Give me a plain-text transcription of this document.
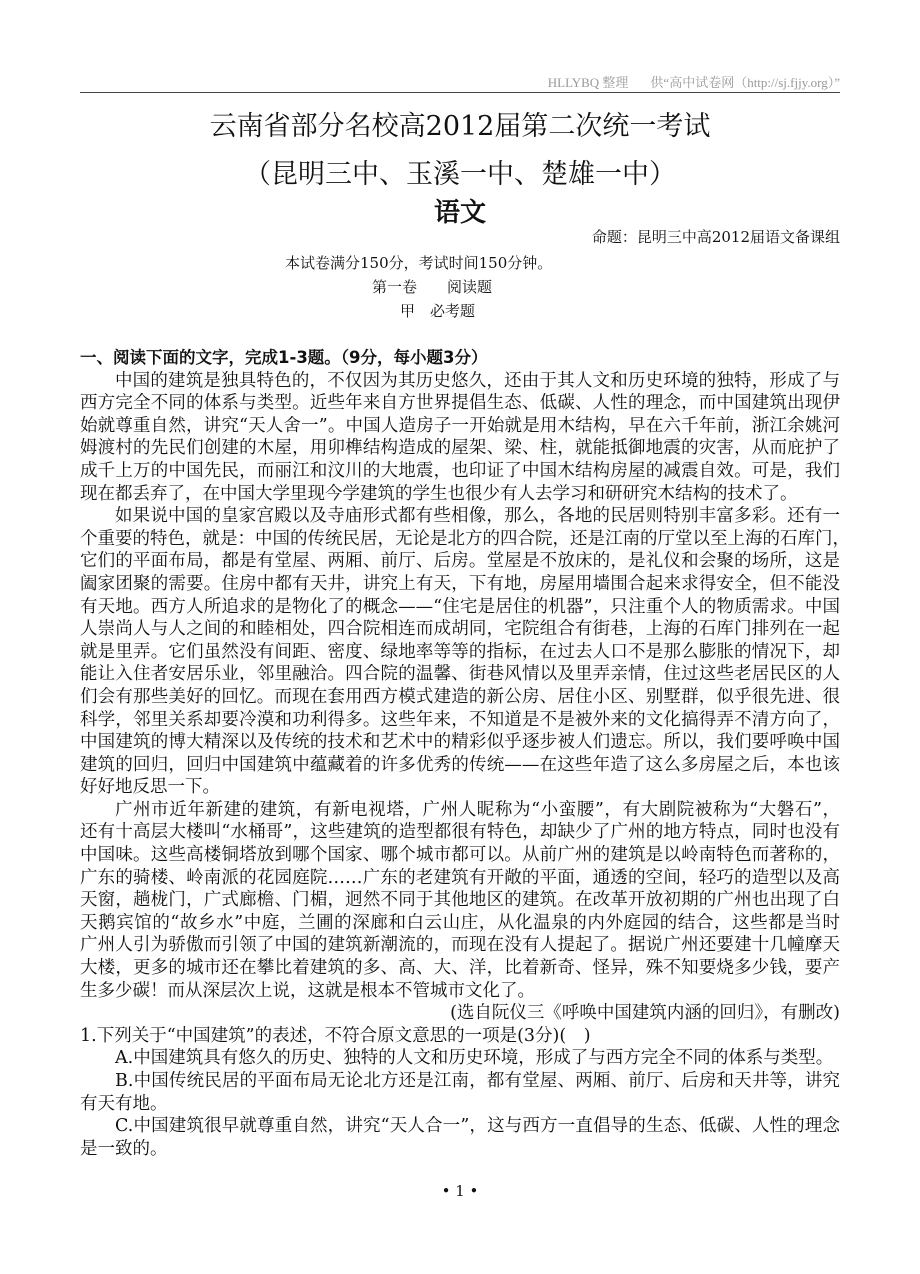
HLLYBQ 整理 供“高中试卷网（http://sj.fjjy.org）”
云南省部分名校高2012届第二次统一考试
（昆明三中、玉溪一中、楚雄一中）
语文
命题：昆明三中高2012届语文备课组
本试卷满分150分，考试时间150分钟。
第一卷　　阅读题
甲　必考题
一、阅读下面的文字，完成1-3题。（9分，每小题3分）
中国的建筑是独具特色的，不仅因为其历史悠久，还由于其人文和历史环境的独特，形成了与
西方完全不同的体系与类型。近些年来自方世界提倡生态、低碳、人性的理念，而中国建筑出现伊
始就尊重自然，讲究“天人舍一”。中国人造房子一开始就是用木结构，早在六千年前，浙江余姚河
姆渡村的先民们创建的木屋，用卯榫结构造成的屋架、梁、柱，就能抵御地震的灾害，从而庇护了
成千上万的中国先民，而丽江和汶川的大地震，也印证了中国木结构房屋的减震自效。可是，我们
现在都丢弃了，在中国大学里现今学建筑的学生也很少有人去学习和研研究木结构的技术了。
如果说中国的皇家宫殿以及寺庙形式都有些相像，那么，各地的民居则特别丰富多彩。还有一
个重要的特色，就是：中国的传统民居，无论是北方的四合院，还是江南的厅堂以至上海的石库门，
它们的平面布局，都是有堂屋、两厢、前厅、后房。堂屋是不放床的，是礼仪和会聚的场所，这是
阖家团聚的需要。住房中都有天井，讲究上有天，下有地，房屋用墙围合起来求得安全，但不能没
有天地。西方人所追求的是物化了的概念——“住宅是居住的机器”，只注重个人的物质需求。中国
人崇尚人与人之间的和睦相处，四合院相连而成胡同，宅院组合有街巷，上海的石库门排列在一起
就是里弄。它们虽然没有间距、密度、绿地率等等的指标，在过去人口不是那么膨胀的情况下，却
能让入住者安居乐业，邻里融洽。四合院的温馨、街巷风情以及里弄亲情，住过这些老居民区的人
们会有那些美好的回忆。而现在套用西方模式建造的新公房、居住小区、别墅群，似乎很先进、很
科学，邻里关系却要冷漠和功利得多。这些年来，不知道是不是被外来的文化搞得弄不清方向了，
中国建筑的博大精深以及传统的技术和艺术中的精彩似乎逐步被人们遗忘。所以，我们要呼唤中国
建筑的回归，回归中国建筑中蕴藏着的许多优秀的传统——在这些年造了这么多房屋之后，本也该
好好地反思一下。
广州市近年新建的建筑，有新电视塔，广州人昵称为“小蛮腰”，有大剧院被称为“大磐石”，
还有十高层大楼叫“水桶哥”，这些建筑的造型都很有特色，却缺少了广州的地方特点，同时也没有
中国味。这些高楼铜塔放到哪个国家、哪个城市都可以。从前广州的建筑是以岭南特色而著称的，
广东的骑楼、岭南派的花园庭院……广东的老建筑有开敞的平面，通透的空间，轻巧的造型以及高
天窗，趟栊门，广式廊檐、门楣，迥然不同于其他地区的建筑。在改革开放初期的广州也出现了白
天鹅宾馆的“故乡水”中庭，兰圃的深廊和白云山庄，从化温泉的内外庭园的结合，这些都是当时
广州人引为骄傲而引领了中国的建筑新潮流的，而现在没有人提起了。据说广州还要建十几幢摩天
大楼，更多的城市还在攀比着建筑的多、高、大、洋，比着新奇、怪异，殊不知要烧多少钱，要产
生多少碳！而从深层次上说，这就是根本不管城市文化了。
(选自阮仪三《呼唤中国建筑内涵的回归》，有删改)
1.下列关于“中国建筑”的表述，不符合原文意思的一项是(3分)(　)
A.中国建筑具有悠久的历史、独特的人文和历史环境，形成了与西方完全不同的体系与类型。
B.中国传统民居的平面布局无论北方还是江南，都有堂屋、两厢、前厅、后房和天井等，讲究
有天有地。
C.中国建筑很早就尊重自然，讲究“天人合一”，这与西方一直倡导的生态、低碳、人性的理念
是一致的。
• 1 •
